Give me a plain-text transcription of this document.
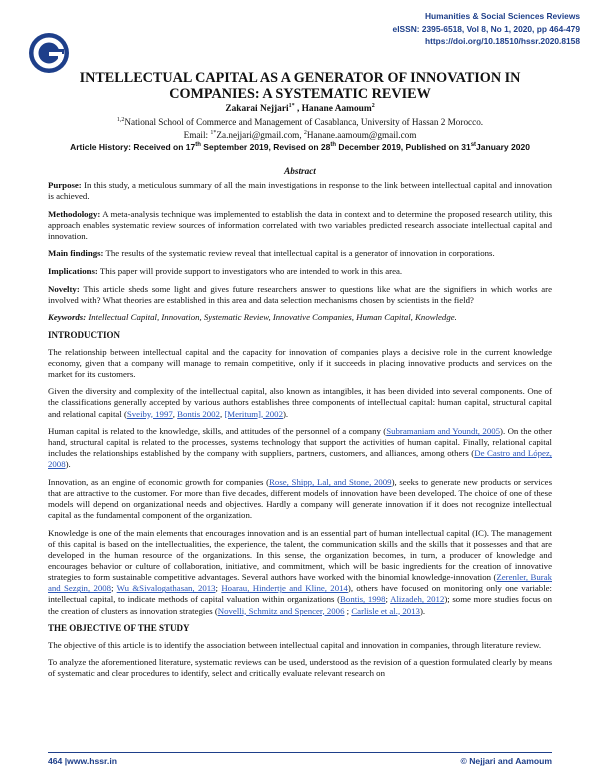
Humanities & Social Sciences Reviews
eISSN: 2395-6518, Vol 8, No 1, 2020, pp 464-479
https://doi.org/10.18510/hssr.2020.8158
INTELLECTUAL CAPITAL AS A GENERATOR OF INNOVATION IN
COMPANIES: A SYSTEMATIC REVIEW
Zakarai Nejjari$^{1*}$ , Hanane Aamoum$^2$
$^{1,2}$National School of Commerce and Management of Casablanca, University of Hassan 2 Morocco.
Email: $^{1*}$Za.nejjari@gmail.com, $^2$Hanane.aamoum@gmail.com
Article History: Received on 17th September 2019, Revised on 28th December 2019, Published on 31stJanuary 2020
Abstract

Purpose: In this study, a meticulous summary of all the main investigations in response to the link between intellectual capital and innovation is achieved.

Methodology: A meta-analysis technique was implemented to establish the data in context and to determine the proposed research utility, this approach enables systematic review sources of information correlated with two variables predicted research associate intellectual capital and innovation.

Main findings: The results of the systematic review reveal that intellectual capital is a generator of innovation in corporations.

Implications: This paper will provide support to investigators who are intended to work in this area.

Novelty: This article sheds some light and gives future researchers answer to questions like what are the signifiers in which works are involved with? What theories are established in this area and data selection mechanisms chosen by scientists in the field?

Keywords: Intellectual Capital, Innovation, Systematic Review, Innovative Companies, Human Capital, Knowledge.

INTRODUCTION

The relationship between intellectual capital and the capacity for innovation of companies plays a decisive role in the current knowledge economy, given that a company will manage to remain competitive, only if it succeeds in placing innovative products and services on the market for its customers.

Given the diversity and complexity of the intellectual capital, also known as intangibles, it has been divided into several components. One of the classifications generally accepted by various authors establishes three components of intellectual capital: human capital, structural capital and relational capital (Sveiby, 1997, Bontis 2002, [Meritum], 2002).

Human capital is related to the knowledge, skills, and attitudes of the personnel of a company (Subramaniam and Youndt, 2005). On the other hand, structural capital is related to the processes, systems technology that support the activities of human capital. Finally, relational capital includes the relationships established by the company with suppliers, partners, customers, and alliances, among others (De Castro and López, 2008).

Innovation, as an engine of economic growth for companies (Rose, Shipp, Lal, and Stone, 2009), seeks to generate new products or services that are attractive to the customer. For more than five decades, different models of innovation have been developed. The choice of one of these models will depend on organizational needs and objectives. Hardly a company will generate innovation if it does not recognize intellectual capital as the fundamental component of the organization.

Knowledge is one of the main elements that encourages innovation and is an essential part of human intellectual capital (IC). The management of this capital is based on the intellectualities, the experience, the talent, the communication skills and the skills that it possesses and that are developed in the human resource of the organizations. In this sense, the organization becomes, in turn, a producer of knowledge and encourages behavior or culture of collaboration, initiative, and commitment, which will be basic ingredients for the creation of innovative strategies to form sustainable competitive advantages. Several authors have worked with the binomial knowledge-innovation (Zerenler, Burak and Sezgin, 2008; Wu &Sivalogathasan, 2013; Hoarau, Hindertje and Kline, 2014), others have focused on monitoring only one variable: intellectual capital, to indicate methods of capital valuation within organizations (Bontis, 1998; Alizadeh, 2012); some more studies focus on the creation of clusters as innovation strategies (Novelli, Schmitz and Spencer, 2006 ; Carlisle et al., 2013).

THE OBJECTIVE OF THE STUDY

The objective of this article is to identify the association between intellectual capital and innovation in companies, through literature review.

To analyze the aforementioned literature, systematic reviews can be used, understood as the revision of a question formulated clearly by means of systematic and clear procedures to identify, select and critically evaluate relevant research on

464 |www.hssr.in	© Nejjari and Aamoum
